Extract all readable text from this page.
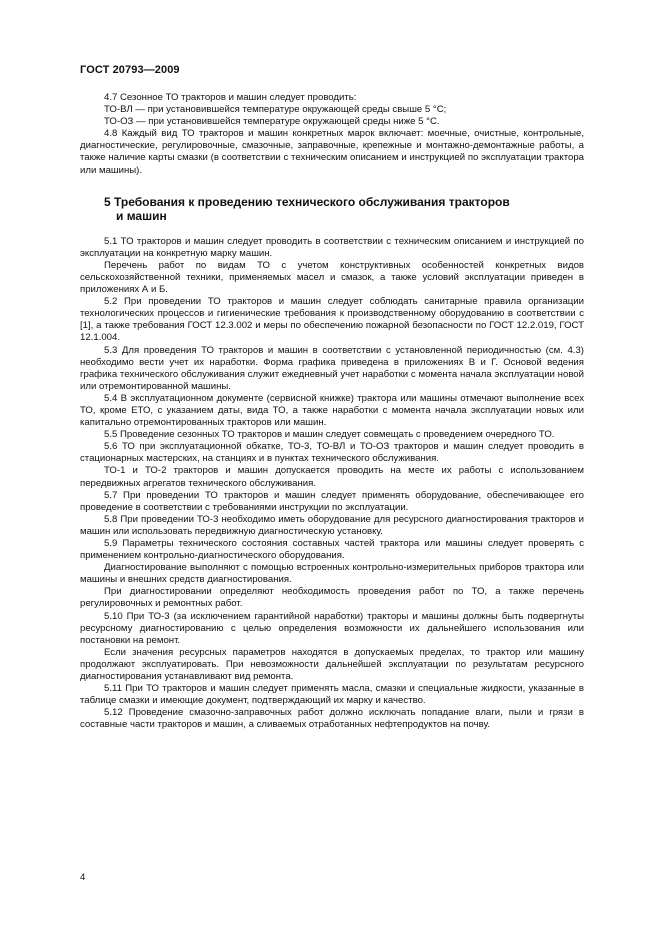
ГОСТ 20793—2009

4.7 Сезонное ТО тракторов и машин следует проводить:

ТО-ВЛ — при установившейся температуре окружающей среды свыше 5 °С;

ТО-ОЗ — при установившейся температуре окружающей среды ниже 5 °С.

4.8 Каждый вид ТО тракторов и машин конкретных марок включает: моечные, очистные, контрольные, диагностические, регулировочные, смазочные, заправочные, крепежные и монтажно-демонтажные работы, а также наличие карты смазки (в соответствии с техническим описанием и инструкцией по эксплуатации трактора или машины).

5 Требования к проведению технического обслуживания тракторов
и машин

5.1 ТО тракторов и машин следует проводить в соответствии с техническим описанием и инструкцией по эксплуатации на конкретную марку машин.

Перечень работ по видам ТО с учетом конструктивных особенностей конкретных видов сельскохозяйственной техники, применяемых масел и смазок, а также условий эксплуатации приведен в приложениях А и Б.

5.2 При проведении ТО тракторов и машин следует соблюдать санитарные правила организации технологических процессов и гигиенические требования к производственному оборудованию в соответствии с [1], а также требования ГОСТ 12.3.002 и меры по обеспечению пожарной безопасности по ГОСТ 12.2.019, ГОСТ 12.1.004.

5.3 Для проведения ТО тракторов и машин в соответствии с установленной периодичностью (см. 4.3) необходимо вести учет их наработки. Форма графика приведена в приложениях В и Г. Основой ведения графика технического обслуживания служит ежедневный учет наработки с момента начала эксплуатации новой или отремонтированной машины.

5.4 В эксплуатационном документе (сервисной книжке) трактора или машины отмечают выполнение всех ТО, кроме ЕТО, с указанием даты, вида ТО, а также наработки с момента начала эксплуатации новых или капитально отремонтированных тракторов или машин.

5.5 Проведение сезонных ТО тракторов и машин следует совмещать с проведением очередного ТО.

5.6 ТО при эксплуатационной обкатке, ТО-3, ТО-ВЛ и ТО-ОЗ тракторов и машин следует проводить в стационарных мастерских, на станциях и в пунктах технического обслуживания.

ТО-1 и ТО-2 тракторов и машин допускается проводить на месте их работы с использованием передвижных агрегатов технического обслуживания.

5.7 При проведении ТО тракторов и машин следует применять оборудование, обеспечивающее его проведение в соответствии с требованиями инструкции по эксплуатации.

5.8 При проведении ТО-3 необходимо иметь оборудование для ресурсного диагностирования тракторов и машин или использовать передвижную диагностическую установку.

5.9 Параметры технического состояния составных частей трактора или машины следует проверять с применением контрольно-диагностического оборудования.

Диагностирование выполняют с помощью встроенных контрольно-измерительных приборов трактора или машины и внешних средств диагностирования.

При диагностировании определяют необходимость проведения работ по ТО, а также перечень регулировочных и ремонтных работ.

5.10 При ТО-3 (за исключением гарантийной наработки) тракторы и машины должны быть подвергнуты ресурсному диагностированию с целью определения возможности их дальнейшего использования или постановки на ремонт.

Если значения ресурсных параметров находятся в допускаемых пределах, то трактор или машину продолжают эксплуатировать. При невозможности дальнейшей эксплуатации по результатам ресурсного диагностирования устанавливают вид ремонта.

5.11 При ТО тракторов и машин следует применять масла, смазки и специальные жидкости, указанные в таблице смазки и имеющие документ, подтверждающий их марку и качество.

5.12 Проведение смазочно-заправочных работ должно исключать попадание влаги, пыли и грязи в составные части тракторов и машин, а сливаемых отработанных нефтепродуктов на почву.

4
